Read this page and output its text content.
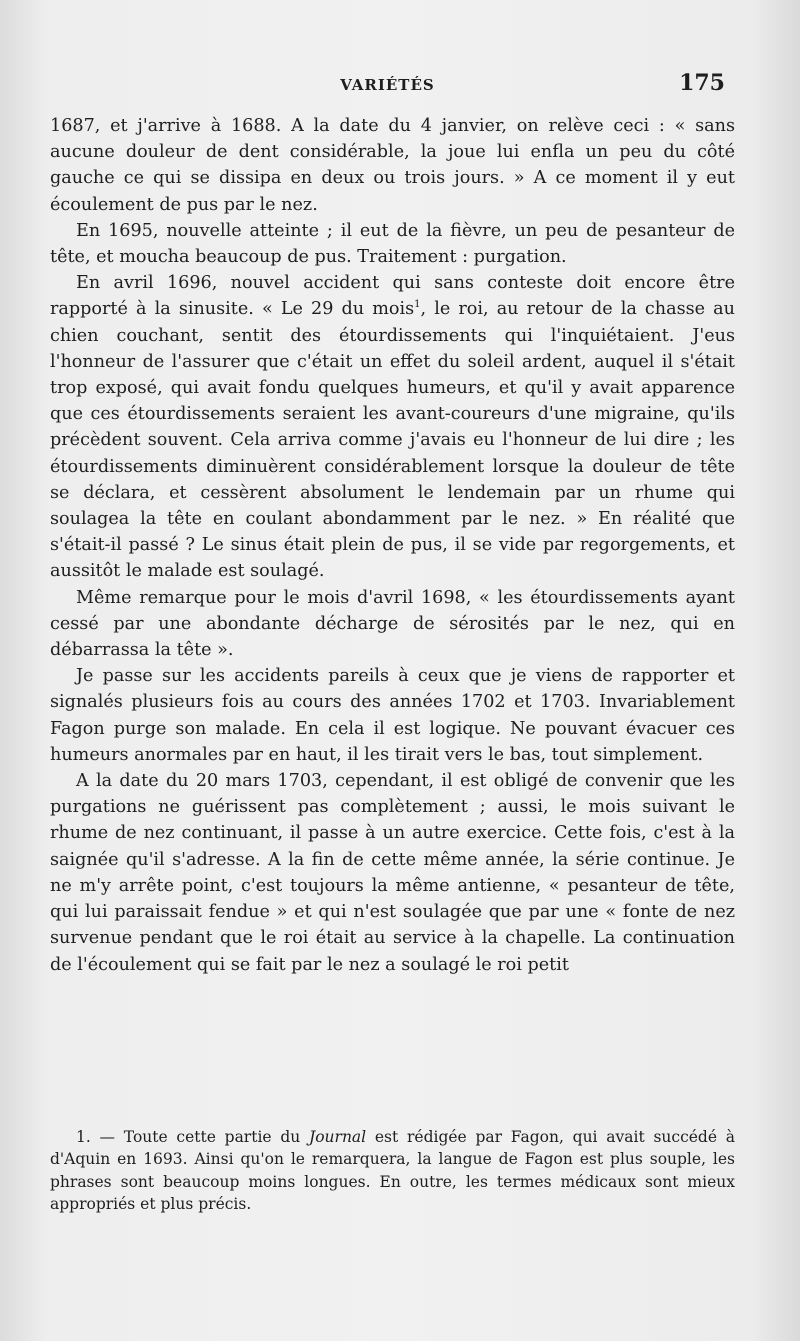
VARIÉTÉS	175

1687, et j'arrive à 1688. A la date du 4 janvier, on relève ceci : « sans aucune douleur de dent considérable, la joue lui enfla un peu du côté gauche ce qui se dissipa en deux ou trois jours. » A ce moment il y eut écoulement de pus par le nez.

En 1695, nouvelle atteinte ; il eut de la fièvre, un peu de pesanteur de tête, et moucha beaucoup de pus. Traitement : purgation.

En avril 1696, nouvel accident qui sans conteste doit encore être rapporté à la sinusite. « Le 29 du mois$^1$, le roi, au retour de la chasse au chien couchant, sentit des étourdissements qui l'inquiétaient. J'eus l'honneur de l'assurer que c'était un effet du soleil ardent, auquel il s'était trop exposé, qui avait fondu quelques humeurs, et qu'il y avait apparence que ces étourdissements seraient les avant-coureurs d'une migraine, qu'ils précèdent souvent. Cela arriva comme j'avais eu l'honneur de lui dire ; les étourdissements diminuèrent considérablement lorsque la douleur de tête se déclara, et cessèrent absolument le lendemain par un rhume qui soulagea la tête en coulant abondamment par le nez. » En réalité que s'était-il passé ? Le sinus était plein de pus, il se vide par regorgements, et aussitôt le malade est soulagé.

Même remarque pour le mois d'avril 1698, « les étourdissements ayant cessé par une abondante décharge de sérosités par le nez, qui en débarrassa la tête ».

Je passe sur les accidents pareils à ceux que je viens de rapporter et signalés plusieurs fois au cours des années 1702 et 1703. Invariablement Fagon purge son malade. En cela il est logique. Ne pouvant évacuer ces humeurs anormales par en haut, il les tirait vers le bas, tout simplement.

A la date du 20 mars 1703, cependant, il est obligé de convenir que les purgations ne guérissent pas complètement ; aussi, le mois suivant le rhume de nez continuant, il passe à un autre exercice. Cette fois, c'est à la saignée qu'il s'adresse. A la fin de cette même année, la série continue. Je ne m'y arrête point, c'est toujours la même antienne, « pesanteur de tête, qui lui paraissait fendue » et qui n'est soulagée que par une « fonte de nez survenue pendant que le roi était au service à la chapelle. La continuation de l'écoulement qui se fait par le nez a soulagé le roi petit

1. — Toute cette partie du Journal est rédigée par Fagon, qui avait succédé à d'Aquin en 1693. Ainsi qu'on le remarquera, la langue de Fagon est plus souple, les phrases sont beaucoup moins longues. En outre, les termes médicaux sont mieux appropriés et plus précis.
